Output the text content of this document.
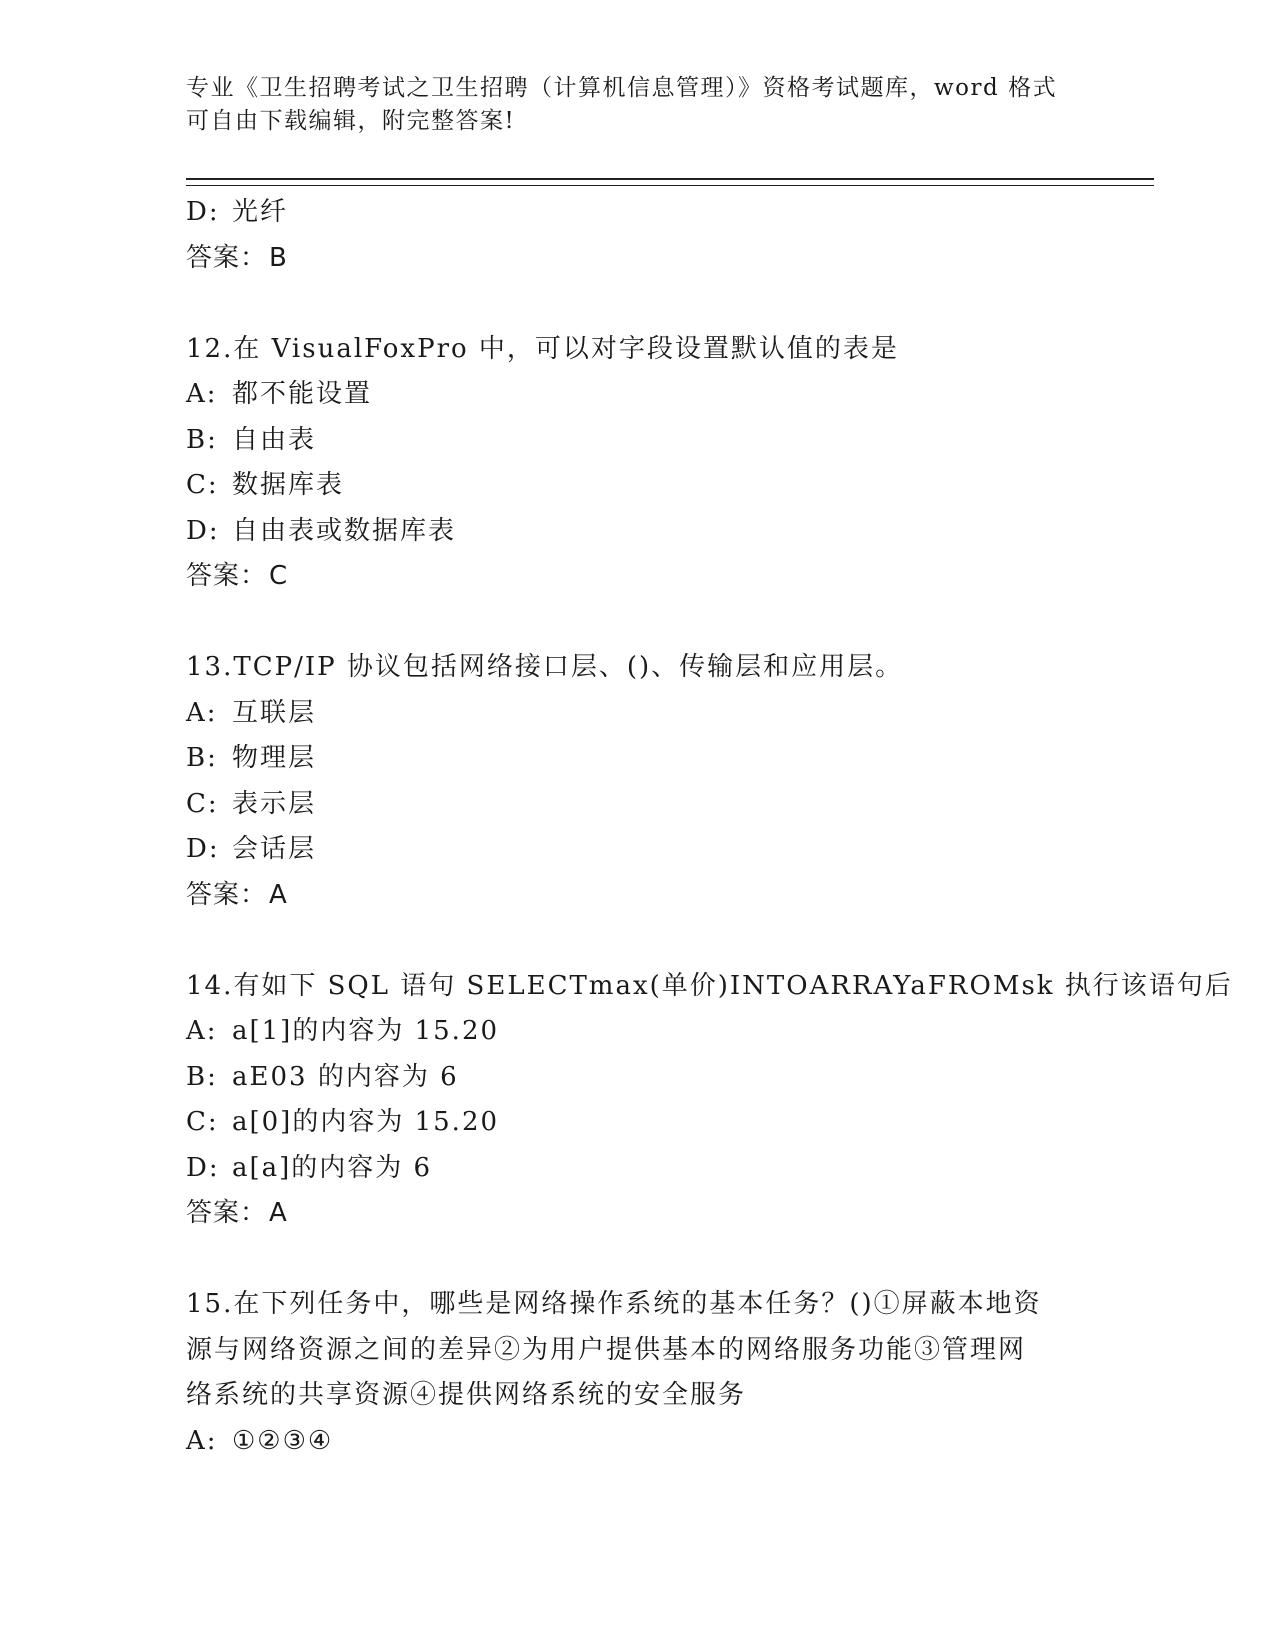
专业《卫生招聘考试之卫生招聘（计算机信息管理）》资格考试题库，word 格式
可自由下载编辑，附完整答案!
D: 光纤
答案：B
12.在 VisualFoxPro 中，可以对字段设置默认值的表是
A: 都不能设置
B: 自由表
C: 数据库表
D: 自由表或数据库表
答案：C
13.TCP/IP 协议包括网络接口层、()、传输层和应用层。
A: 互联层
B: 物理层
C: 表示层
D: 会话层
答案：A
14.有如下 SQL 语句 SELECTmax(单价)INTOARRAYaFROMsk 执行该语句后
A: a[1]的内容为 15.20
B: aE03 的内容为 6
C: a[0]的内容为 15.20
D: a[a]的内容为 6
答案：A
15.在下列任务中，哪些是网络操作系统的基本任务？()①屏蔽本地资
源与网络资源之间的差异②为用户提供基本的网络服务功能③管理网
络系统的共享资源④提供网络系统的安全服务
A: ①②③④
